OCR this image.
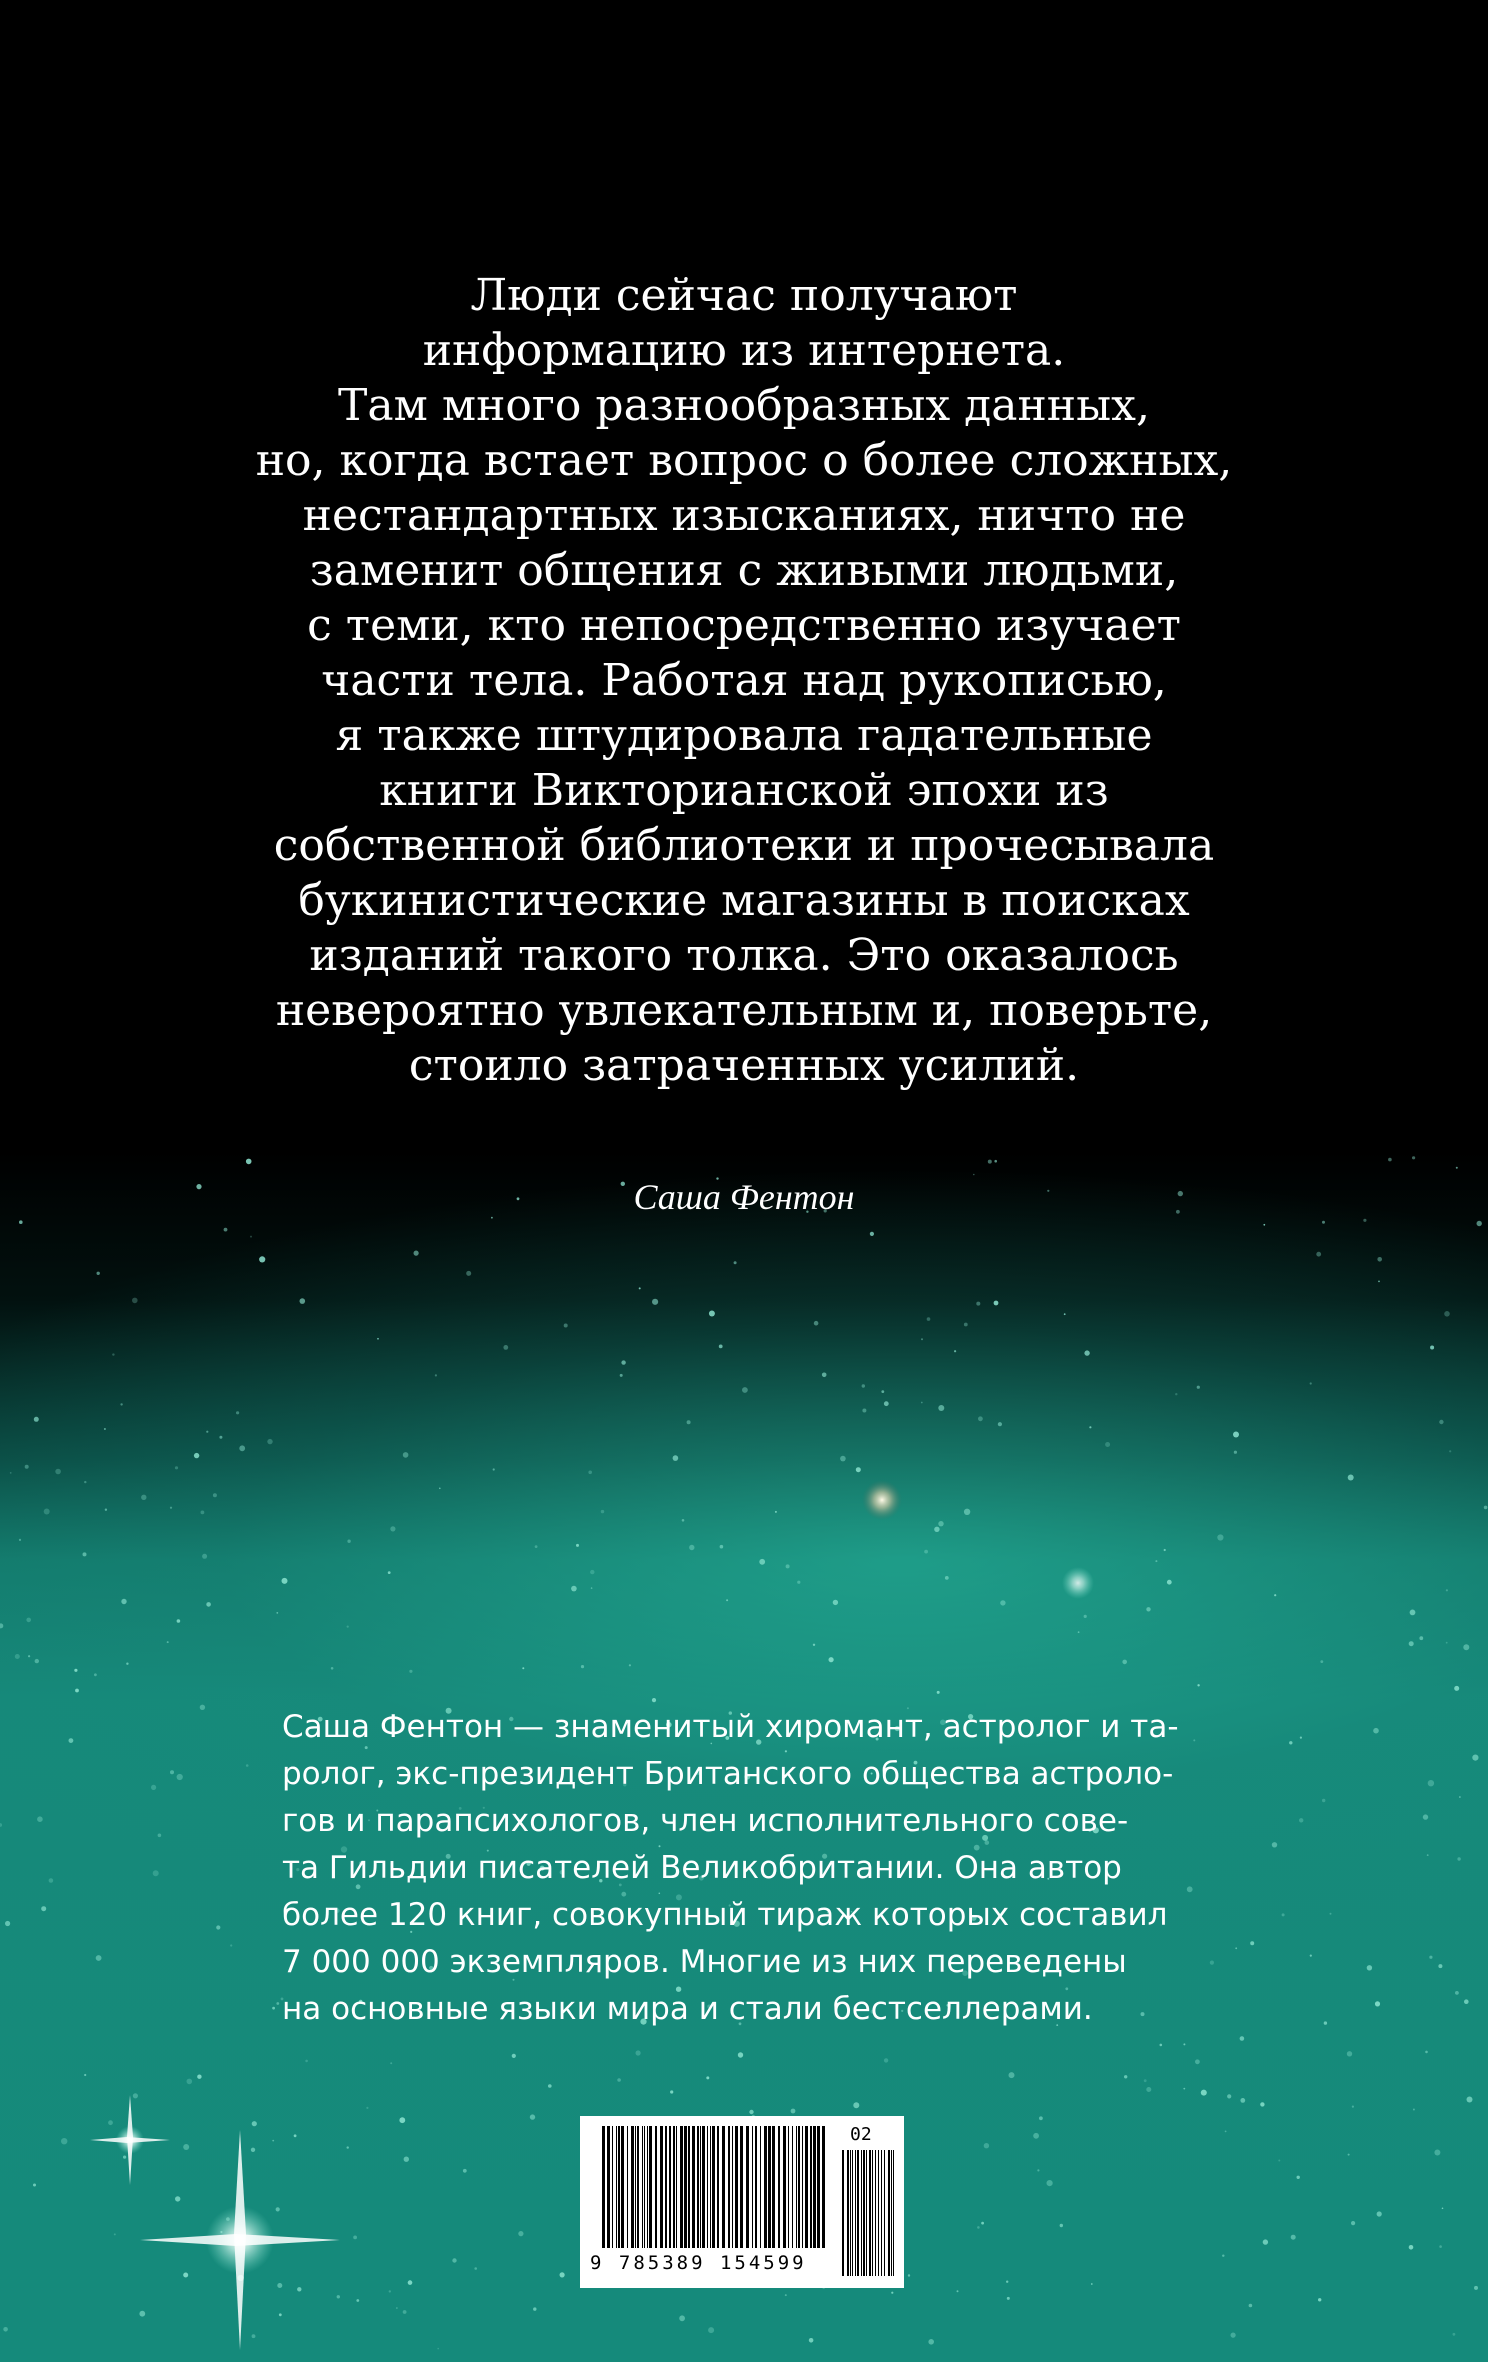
Люди сейчас получают
информацию из интернета.
Там много разнообразных данных,
но, когда встает вопрос о более сложных,
нестандартных изысканиях, ничто не
заменит общения с живыми людьми,
с теми, кто непосредственно изучает
части тела. Работая над рукописью,
я также штудировала гадательные
книги Викторианской эпохи из
собственной библиотеки и прочесывала
букинистические магазины в поисках
изданий такого толка. Это оказалось
невероятно увлекательным и, поверьте,
стоило затраченных усилий.
Саша Фентон
Саша Фентон — знаменитый хиромант, астролог и та-
ролог, экс-президент Британского общества астроло-
гов и парапсихологов, член исполнительного сове-
та Гильдии писателей Великобритании. Она автор
более 120 книг, совокупный тираж которых составил
7 000 000 экземпляров. Многие из них переведены
на основные языки мира и стали бестселлерами.
02
9 785389 154599
